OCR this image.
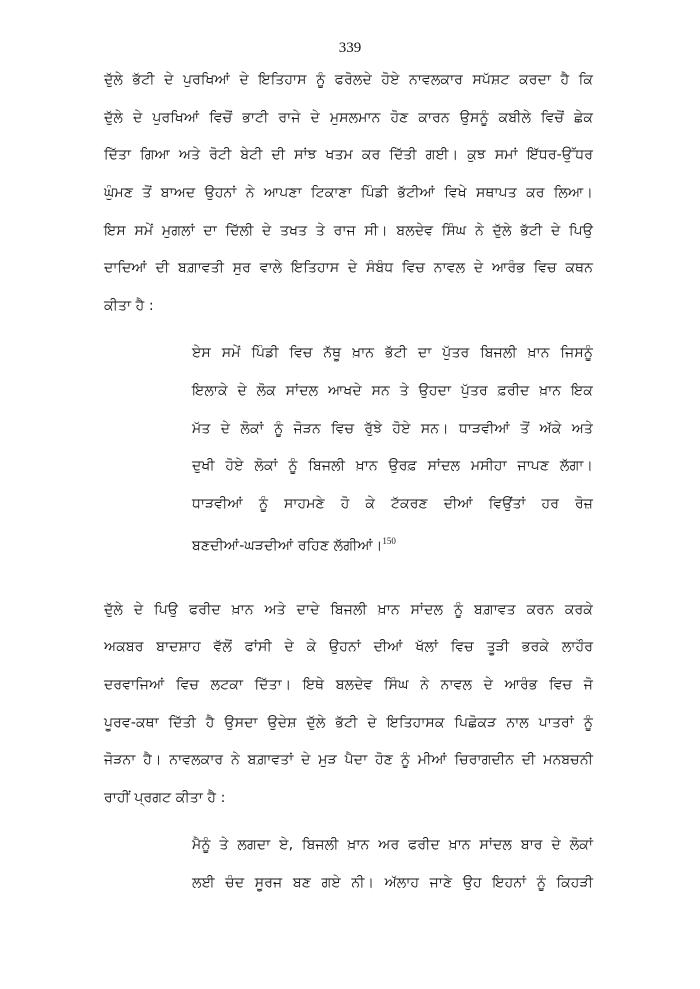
339
ਦੁੱਲੇ ਭੱਟੀ ਦੇ ਪੁਰਖਿਆਂ ਦੇ ਇਤਿਹਾਸ ਨੂੰ ਫਰੋਲਦੇ ਹੋਏ ਨਾਵਲਕਾਰ ਸਪੱਸ਼ਟ ਕਰਦਾ ਹੈ ਕਿ
ਦੁੱਲੇ ਦੇ ਪੁਰਖਿਆਂ ਵਿਚੋਂ ਭਾਟੀ ਰਾਜੇ ਦੇ ਮੁਸਲਮਾਨ ਹੋਣ ਕਾਰਨ ਉਸਨੂੰ ਕਬੀਲੇ ਵਿਚੋਂ ਛੇਕ
ਦਿੱਤਾ ਗਿਆ ਅਤੇ ਰੋਟੀ ਬੇਟੀ ਦੀ ਸਾਂਝ ਖਤਮ ਕਰ ਦਿੱਤੀ ਗਈ। ਕੁਝ ਸਮਾਂ ਇੱਧਰ-ਉੱਧਰ
ਘੁੰਮਣ ਤੋਂ ਬਾਅਦ ਉਹਨਾਂ ਨੇ ਆਪਣਾ ਟਿਕਾਣਾ ਪਿੰਡੀ ਭੱਟੀਆਂ ਵਿਖੇ ਸਥਾਪਤ ਕਰ ਲਿਆ।
ਇਸ ਸਮੇਂ ਮੁਗਲਾਂ ਦਾ ਦਿੱਲੀ ਦੇ ਤਖਤ ਤੇ ਰਾਜ ਸੀ। ਬਲਦੇਵ ਸਿੰਘ ਨੇ ਦੁੱਲੇ ਭੱਟੀ ਦੇ ਪਿਉ
ਦਾਦਿਆਂ ਦੀ ਬਗ਼ਾਵਤੀ ਸੁਰ ਵਾਲੇ ਇਤਿਹਾਸ ਦੇ ਸੰਬੰਧ ਵਿਚ ਨਾਵਲ ਦੇ ਆਰੰਭ ਵਿਚ ਕਥਨ
ਕੀਤਾ ਹੈ :
ਏਸ ਸਮੇਂ ਪਿੰਡੀ ਵਿਚ ਨੱਥੂ ਖ਼ਾਨ ਭੱਟੀ ਦਾ ਪੁੱਤਰ ਬਿਜਲੀ ਖ਼ਾਨ ਜਿਸਨੂੰ
ਇਲਾਕੇ ਦੇ ਲੋਕ ਸਾਂਦਲ ਆਖਦੇ ਸਨ ਤੇ ਉਹਦਾ ਪੁੱਤਰ ਫ਼ਰੀਦ ਖ਼ਾਨ ਇਕ
ਮੱਤ ਦੇ ਲੋਕਾਂ ਨੂੰ ਜੋੜਨ ਵਿਚ ਰੁੱਝੇ ਹੋਏ ਸਨ। ਧਾੜਵੀਆਂ ਤੋਂ ਅੱਕੇ ਅਤੇ
ਦੁਖੀ ਹੋਏ ਲੋਕਾਂ ਨੂੰ ਬਿਜਲੀ ਖ਼ਾਨ ਉਰਫ਼ ਸਾਂਦਲ ਮਸੀਹਾ ਜਾਪਣ ਲੱਗਾ।
ਧਾੜਵੀਆਂ ਨੂੰ ਸਾਹਮਣੇ ਹੋ ਕੇ ਟੱਕਰਣ ਦੀਆਂ ਵਿਉਂਤਾਂ ਹਰ ਰੋਜ਼
ਬਣਦੀਆਂ-ਘੜਦੀਆਂ ਰਹਿਣ ਲੱਗੀਆਂ।$^{150}$
ਦੁੱਲੇ ਦੇ ਪਿਉ ਫਰੀਦ ਖ਼ਾਨ ਅਤੇ ਦਾਦੇ ਬਿਜਲੀ ਖ਼ਾਨ ਸਾਂਦਲ ਨੂੰ ਬਗ਼ਾਵਤ ਕਰਨ ਕਰਕੇ
ਅਕਬਰ ਬਾਦਸ਼ਾਹ ਵੱਲੋਂ ਫਾਂਸੀ ਦੇ ਕੇ ਉਹਨਾਂ ਦੀਆਂ ਖੱਲਾਂ ਵਿਚ ਤੂੜੀ ਭਰਕੇ ਲਾਹੌਰ
ਦਰਵਾਜਿਆਂ ਵਿਚ ਲਟਕਾ ਦਿੱਤਾ। ਇਥੇ ਬਲਦੇਵ ਸਿੰਘ ਨੇ ਨਾਵਲ ਦੇ ਆਰੰਭ ਵਿਚ ਜੋ
ਪੂਰਵ-ਕਥਾ ਦਿੱਤੀ ਹੈ ਉਸਦਾ ਉਦੇਸ਼ ਦੁੱਲੇ ਭੱਟੀ ਦੇ ਇਤਿਹਾਸਕ ਪਿਛੋਕੜ ਨਾਲ ਪਾਤਰਾਂ ਨੂੰ
ਜੋੜਨਾ ਹੈ। ਨਾਵਲਕਾਰ ਨੇ ਬਗ਼ਾਵਤਾਂ ਦੇ ਮੁੜ ਪੈਦਾ ਹੋਣ ਨੂੰ ਮੀਆਂ ਚਿਰਾਗਦੀਨ ਦੀ ਮਨਬਚਨੀ
ਰਾਹੀਂ ਪ੍ਰਗਟ ਕੀਤਾ ਹੈ :
ਮੈਨੂੰ ਤੇ ਲਗਦਾ ਏ, ਬਿਜਲੀ ਖ਼ਾਨ ਅਰ ਫਰੀਦ ਖ਼ਾਨ ਸਾਂਦਲ ਬਾਰ ਦੇ ਲੋਕਾਂ
ਲਈ ਚੰਦ ਸੂਰਜ ਬਣ ਗਏ ਨੀ। ਅੱਲਾਹ ਜਾਣੇ ਉਹ ਇਹਨਾਂ ਨੂੰ ਕਿਹੜੀ
